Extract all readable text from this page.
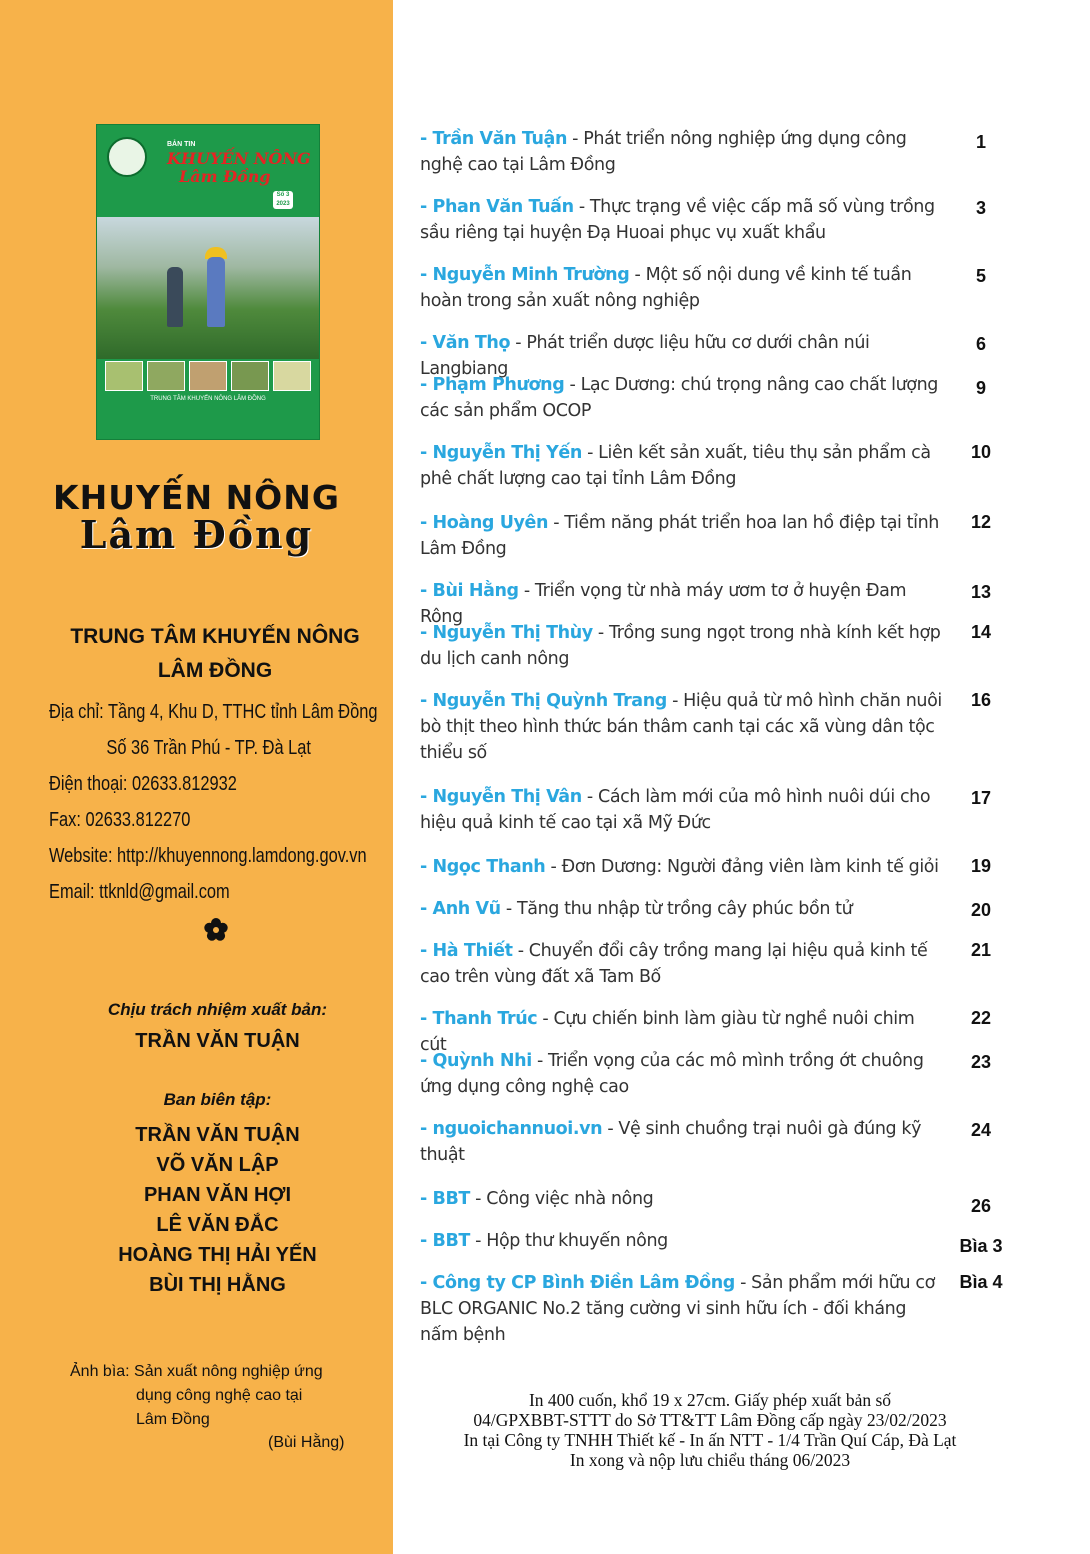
BẢN TIN
KHUYẾN NÔNG
Lâm Đồng
Số 3 2023
TRUNG TÂM KHUYẾN NÔNG LÂM ĐỒNG
KHUYẾN NÔNG
Lâm Đồng
TRUNG TÂM KHUYẾN NÔNG
LÂM ĐỒNG
Địa chỉ: Tầng 4, Khu D, TTHC tỉnh Lâm Đồng
Số 36 Trần Phú - TP. Đà Lạt
Điện thoại: 02633.812932
Fax: 02633.812270
Website: http://khuyennong.lamdong.gov.vn
Email: ttknld@gmail.com
Chịu trách nhiệm xuất bản:
TRẦN VĂN TUẬN
Ban biên tập:
TRẦN VĂN TUẬN
VÕ VĂN LẬP
PHAN VĂN HỢI
LÊ VĂN ĐẮC
HOÀNG THỊ HẢI YẾN
BÙI THỊ HẰNG
Ảnh bìa: Sản xuất nông nghiệp ứng
dụng công nghệ cao tại
Lâm Đồng
(Bùi Hằng)
- Trần Văn Tuận - Phát triển nông nghiệp ứng dụng công nghệ cao tại Lâm Đồng
1
- Phan Văn Tuấn - Thực trạng về việc cấp mã số vùng trồng sầu riêng tại huyện Đạ Huoai phục vụ xuất khẩu
3
- Nguyễn Minh Trường - Một số nội dung về kinh tế tuần hoàn trong sản xuất nông nghiệp
5
- Văn Thọ - Phát triển dược liệu hữu cơ dưới chân núi Langbiang
6
- Phạm Phương - Lạc Dương: chú trọng nâng cao chất lượng các sản phẩm OCOP
9
- Nguyễn Thị Yến - Liên kết sản xuất, tiêu thụ sản phẩm cà phê chất lượng cao tại tỉnh Lâm Đồng
10
- Hoàng Uyên - Tiềm năng phát triển hoa lan hồ điệp tại tỉnh Lâm Đồng
12
- Bùi Hằng - Triển vọng từ nhà máy ươm tơ ở huyện Đam Rông
13
- Nguyễn Thị Thùy - Trồng sung ngọt trong nhà kính kết hợp du lịch canh nông
14
- Nguyễn Thị Quỳnh Trang - Hiệu quả từ mô hình chăn nuôi bò thịt theo hình thức bán thâm canh tại các xã vùng dân tộc thiểu số
16
- Nguyễn Thị Vân - Cách làm mới của mô hình nuôi dúi cho hiệu quả kinh tế cao tại xã Mỹ Đức
17
- Ngọc Thanh - Đơn Dương: Người đảng viên làm kinh tế giỏi	19
- Anh Vũ - Tăng thu nhập từ trồng cây phúc bồn tử	20
- Hà Thiết - Chuyển đổi cây trồng mang lại hiệu quả kinh tế cao trên vùng đất xã Tam Bố
21
- Thanh Trúc - Cựu chiến binh làm giàu từ nghề nuôi chim cút
22
- Quỳnh Nhi - Triển vọng của các mô mình trồng ớt chuông ứng dụng công nghệ cao
23
- nguoichannuoi.vn - Vệ sinh chuồng trại nuôi gà đúng kỹ thuật
24
- BBT - Công việc nhà nông	26
- BBT - Hộp thư khuyến nông	Bìa 3
- Công ty CP Bình Điền Lâm Đồng - Sản phẩm mới hữu cơ BLC ORGANIC No.2 tăng cường vi sinh hữu ích - đối kháng nấm bệnh
Bìa 4
In 400 cuốn, khổ 19 x 27cm. Giấy phép xuất bản số
04/GPXBBT-STTT do Sở TT&TT Lâm Đồng cấp ngày 23/02/2023
In tại Công ty TNHH Thiết kế - In ấn NTT - 1/4 Trần Quí Cáp, Đà Lạt
In xong và nộp lưu chiểu tháng 06/2023
